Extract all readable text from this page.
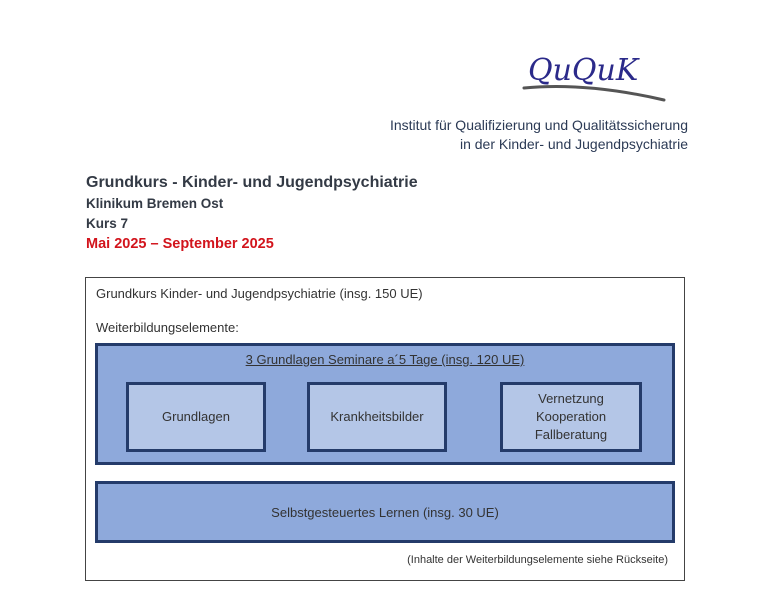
QuQuK
Institut für Qualifizierung und Qualitätssicherung
in der Kinder- und Jugendpsychiatrie
Grundkurs - Kinder- und Jugendpsychiatrie
Klinikum Bremen Ost
Kurs 7
Mai 2025 – September 2025
Grundkurs Kinder- und Jugendpsychiatrie (insg. 150 UE)
Weiterbildungselemente:
3 Grundlagen Seminare a´5 Tage (insg. 120 UE)
Grundlagen	Krankheitsbilder
Vernetzung
Kooperation
Fallberatung
Selbstgesteuertes Lernen (insg. 30 UE)
(Inhalte der Weiterbildungselemente siehe Rückseite)
